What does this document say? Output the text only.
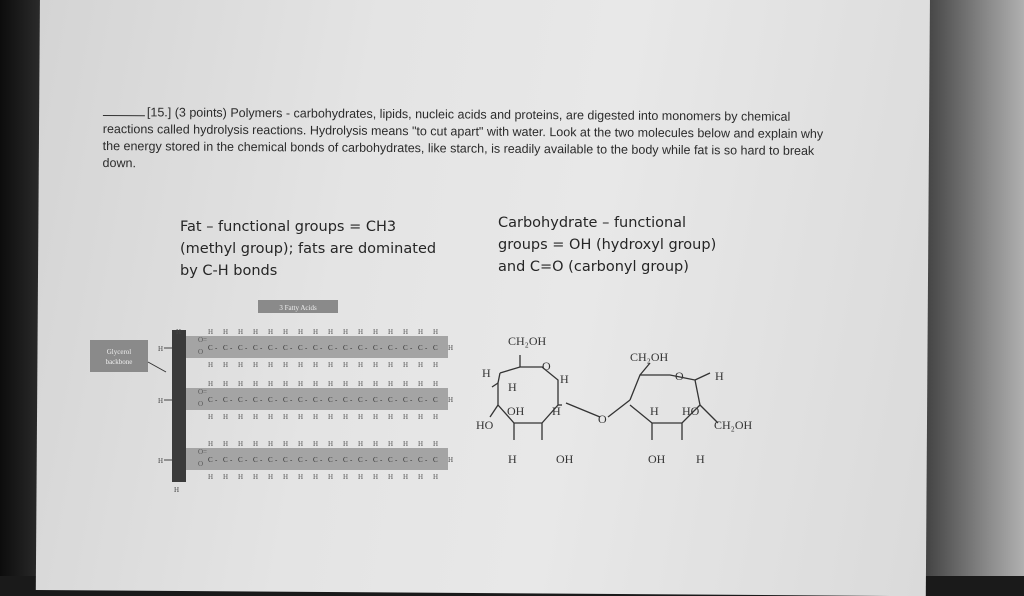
[15.] (3 points) Polymers - carbohydrates, lipids, nucleic acids and proteins, are digested into monomers by chemical reactions called hydrolysis reactions. Hydrolysis means "to cut apart" with water. Look at the two molecules below and explain why the energy stored in the chemical bonds of carbohydrates, like starch, is readily available to the body while fat is so hard to break down.
Fat – functional groups = CH3 (methyl group); fats are dominated by C-H bonds
Carbohydrate – functional groups = OH (hydroxyl group) and C=O (carbonyl group)
3 Fatty Acids
Glycerol
backbone
H
H
H
O=
O
H
C
H
-
H
C
H
-
H
C
H
-
H
C
H
-
H
C
H
-
H
C
H
-
H
C
H
-
H
C
H
-
H
C
H
-
H
C
H
-
H
C
H
-
H
C
H
-
H
C
H
-
H
C
H
-
H
C
H
-
H
C
H
H
H
O=
O
H
C
H
-
H
C
H
-
H
C
H
-
H
C
H
-
H
C
H
-
H
C
H
-
H
C
H
-
H
C
H
-
H
C
H
-
H
C
H
-
H
C
H
-
H
C
H
-
H
C
H
-
H
C
H
-
H
C
H
-
H
C
H
H
H
O=
O
H
C
H
-
H
C
H
-
H
C
H
-
H
C
H
-
H
C
H
-
H
C
H
-
H
C
H
-
H
C
H
-
H
C
H
-
H
C
H
-
H
C
H
-
H
C
H
-
H
C
H
-
H
C
H
-
H
C
H
-
H
C
H
H
CH₂OH
O
H
H
H
OH H
HO
H	OH
O
CH₂OH
O	H
H HO
CH₂OH
OH	H
